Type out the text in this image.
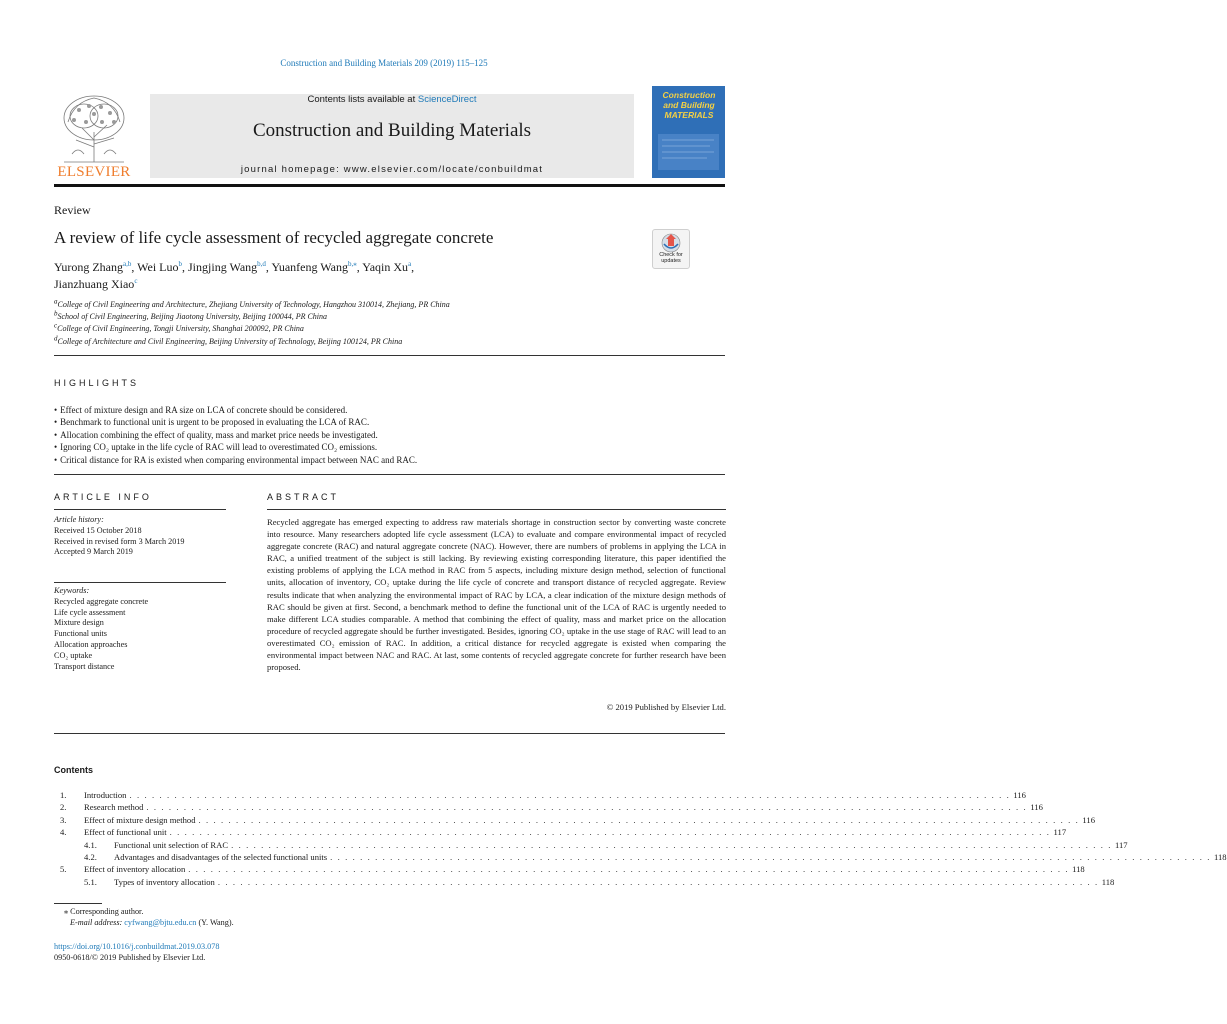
Construction and Building Materials 209 (2019) 115–125
ELSEVIER
Contents lists available at ScienceDirect
Construction and Building Materials
journal homepage: www.elsevier.com/locate/conbuildmat
Construction and Building MATERIALS
Review
A review of life cycle assessment of recycled aggregate concrete
Check for updates
Yurong Zhang$^{a,b}$, Wei Luo$^b$, Jingjing Wang$^{b,d}$, Yuanfeng Wang$^{b,⁎}$, Yaqin Xu$^a$,
Jianzhuang Xiao$^c$
$^a$College of Civil Engineering and Architecture, Zhejiang University of Technology, Hangzhou 310014, Zhejiang, PR China
$^b$School of Civil Engineering, Beijing Jiaotong University, Beijing 100044, PR China
$^c$College of Civil Engineering, Tongji University, Shanghai 200092, PR China
$^d$College of Architecture and Civil Engineering, Beijing University of Technology, Beijing 100124, PR China
HIGHLIGHTS
• Effect of mixture design and RA size on LCA of concrete should be considered.
• Benchmark to functional unit is urgent to be proposed in evaluating the LCA of RAC.
• Allocation combining the effect of quality, mass and market price needs be investigated.
• Ignoring CO₂ uptake in the life cycle of RAC will lead to overestimated CO₂ emissions.
• Critical distance for RA is existed when comparing environmental impact between NAC and RAC.
ARTICLE INFO
Article history:
Received 15 October 2018
Received in revised form 3 March 2019
Accepted 9 March 2019
Keywords:
Recycled aggregate concrete
Life cycle assessment
Mixture design
Functional units
Allocation approaches
CO₂ uptake
Transport distance
ABSTRACT
Recycled aggregate has emerged expecting to address raw materials shortage in construction sector by converting waste concrete into resource. Many researchers adopted life cycle assessment (LCA) to evaluate and compare environmental impact of recycled aggregate concrete (RAC) and natural aggregate concrete (NAC). However, there are numbers of problems in applying the LCA in RAC, a unified treatment of the subject is still lacking. By reviewing existing corresponding literature, this paper identified the existing problems of applying the LCA method in RAC from 5 aspects, including mixture design method, selection of functional units, allocation of inventory, CO₂ uptake during the life cycle of concrete and transport distance of recycled aggregate. Review results indicate that when analyzing the environmental impact of RAC by LCA, a clear indication of the mixture design methods of RAC should be given at first. Second, a benchmark method to define the functional unit of the LCA of RAC is urgently needed to make different LCA studies comparable. A method that combining the effect of quality, mass and market price on the allocation procedure of recycled aggregate should be further investigated. Besides, ignoring CO₂ uptake in the use stage of RAC will lead to an overestimated CO₂ emission of RAC. In addition, a critical distance for recycled aggregate is existed when comparing the environmental impact between NAC and RAC. At last, some contents of recycled aggregate concrete for further research have been proposed.
© 2019 Published by Elsevier Ltd.
Contents
1.	Introduction . . . . . . . . . . . . . . . . . . . . . . . . . . . . . . . . . . . . . . . . . . . . . . . . . . . . . . . . . . . . . . . . . . . . . . . . . . . . . . . . . . . . . . . . . . . . . . . . . . . . . . . . . . . . . . . . . . . . . . 116
2.	Research method . . . . . . . . . . . . . . . . . . . . . . . . . . . . . . . . . . . . . . . . . . . . . . . . . . . . . . . . . . . . . . . . . . . . . . . . . . . . . . . . . . . . . . . . . . . . . . . . . . . . . . . . . . . . . . . . . . . . . . 116
3.	Effect of mixture design method . . . . . . . . . . . . . . . . . . . . . . . . . . . . . . . . . . . . . . . . . . . . . . . . . . . . . . . . . . . . . . . . . . . . . . . . . . . . . . . . . . . . . . . . . . . . . . . . . . . . . . . . . . . . . . . . . . . . . . 116
4.	Effect of functional unit . . . . . . . . . . . . . . . . . . . . . . . . . . . . . . . . . . . . . . . . . . . . . . . . . . . . . . . . . . . . . . . . . . . . . . . . . . . . . . . . . . . . . . . . . . . . . . . . . . . . . . . . . . . . . . . . . . . . . . 117
4.1.	Functional unit selection of RAC . . . . . . . . . . . . . . . . . . . . . . . . . . . . . . . . . . . . . . . . . . . . . . . . . . . . . . . . . . . . . . . . . . . . . . . . . . . . . . . . . . . . . . . . . . . . . . . . . . . . . . . . . . . . . . . . . . . . . . 117
4.2.	Advantages and disadvantages of the selected functional units . . . . . . . . . . . . . . . . . . . . . . . . . . . . . . . . . . . . . . . . . . . . . . . . . . . . . . . . . . . . . . . . . . . . . . . . . . . . . . . . . . . . . . . . . . . . . . . . . . . . . . . . . . . . . . . . . . . . . . 118
5.	Effect of inventory allocation . . . . . . . . . . . . . . . . . . . . . . . . . . . . . . . . . . . . . . . . . . . . . . . . . . . . . . . . . . . . . . . . . . . . . . . . . . . . . . . . . . . . . . . . . . . . . . . . . . . . . . . . . . . . . . . . . . . . . . 118
5.1.	Types of inventory allocation . . . . . . . . . . . . . . . . . . . . . . . . . . . . . . . . . . . . . . . . . . . . . . . . . . . . . . . . . . . . . . . . . . . . . . . . . . . . . . . . . . . . . . . . . . . . . . . . . . . . . . . . . . . . . . . . . . . . . . 118
⁎ Corresponding author.
E-mail address: cyfwang@bjtu.edu.cn (Y. Wang).
https://doi.org/10.1016/j.conbuildmat.2019.03.078
0950-0618/© 2019 Published by Elsevier Ltd.
